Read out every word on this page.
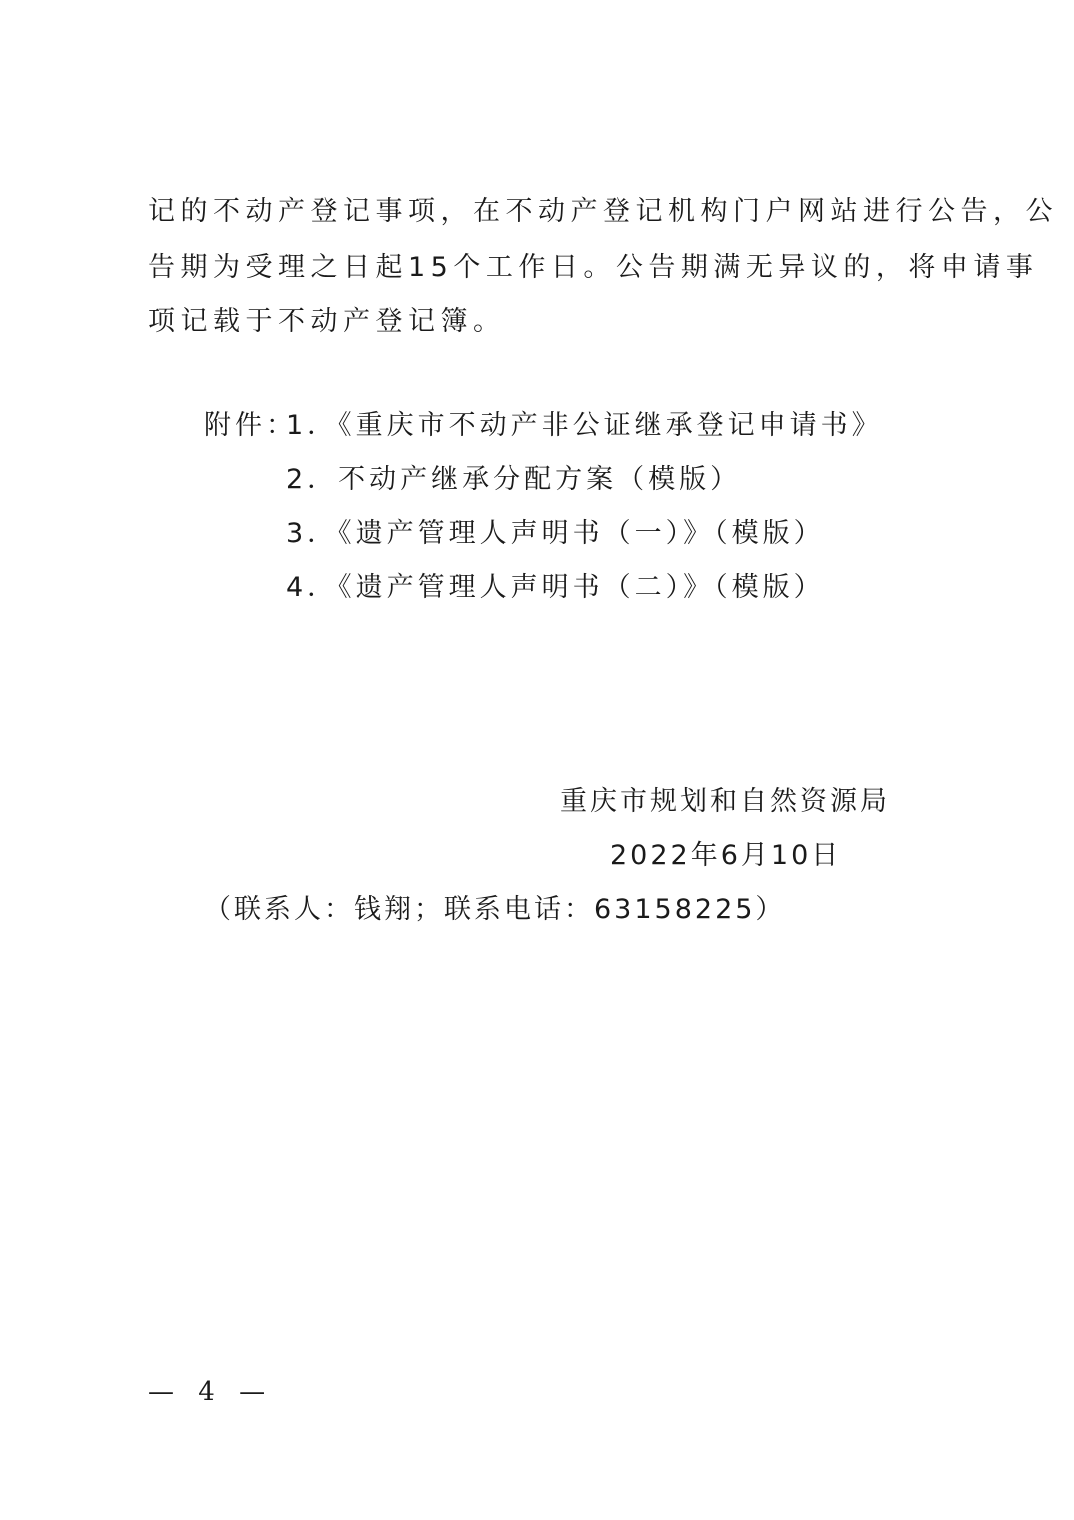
记的不动产登记事项，在不动产登记机构门户网站进行公告，公
告期为受理之日起15个工作日。公告期满无异议的，将申请事
项记载于不动产登记簿。
附件：
1．《重庆市不动产非公证继承登记申请书》
2．不动产继承分配方案（模版）
3．《遗产管理人声明书（一）》（模版）
4．《遗产管理人声明书（二）》（模版）
重庆市规划和自然资源局
2022年6月10日
（联系人：钱翔；联系电话：63158225）
— 4 —
